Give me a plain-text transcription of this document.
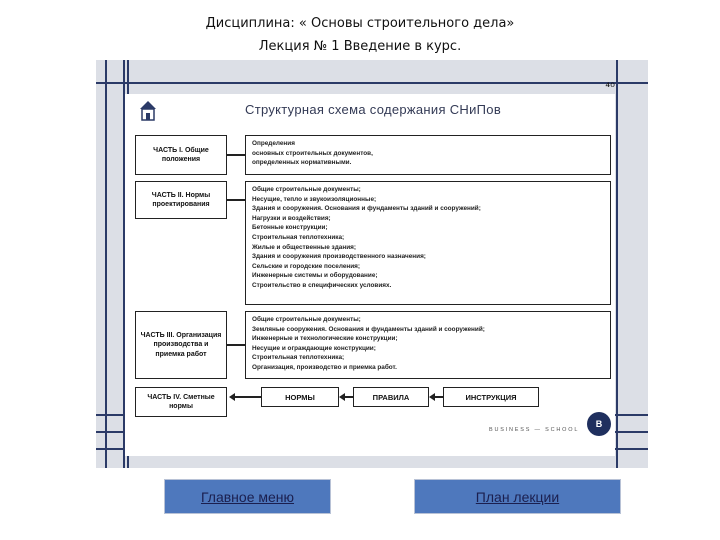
Дисциплина: « Основы строительного дела»
Лекция № 1 Введение в курс.
Структурная схема содержания СНиПов
⁴⁰
ЧАСТЬ I. Общие положения
Определения
основных строительных документов,
определенных нормативными.
ЧАСТЬ II. Нормы проектирования
Общие строительные документы;
Несущие, тепло и звукоизоляционные;
Здания и сооружения. Основания и фундаменты зданий и сооружений;
Нагрузки и воздействия;
Бетонные конструкции;
Строительная теплотехника;
Жилые и общественные здания;
Здания и сооружения производственного назначения;
Сельские и городские поселения;
Инженерные системы и оборудование;
Строительство в специфических условиях.
ЧАСТЬ III. Организация производства и приемка работ
Общие строительные документы;
Земляные сооружения. Основания и фундаменты зданий и сооружений;
Инженерные и технологические конструкции;
Несущие и ограждающие конструкции;
Строительная теплотехника;
Организация, производство и приемка работ.
ЧАСТЬ IV. Сметные нормы
НОРМЫ	ПРАВИЛА	ИНСТРУКЦИЯ
BUSINESS — SCHOOL
B
Главное меню	План лекции
